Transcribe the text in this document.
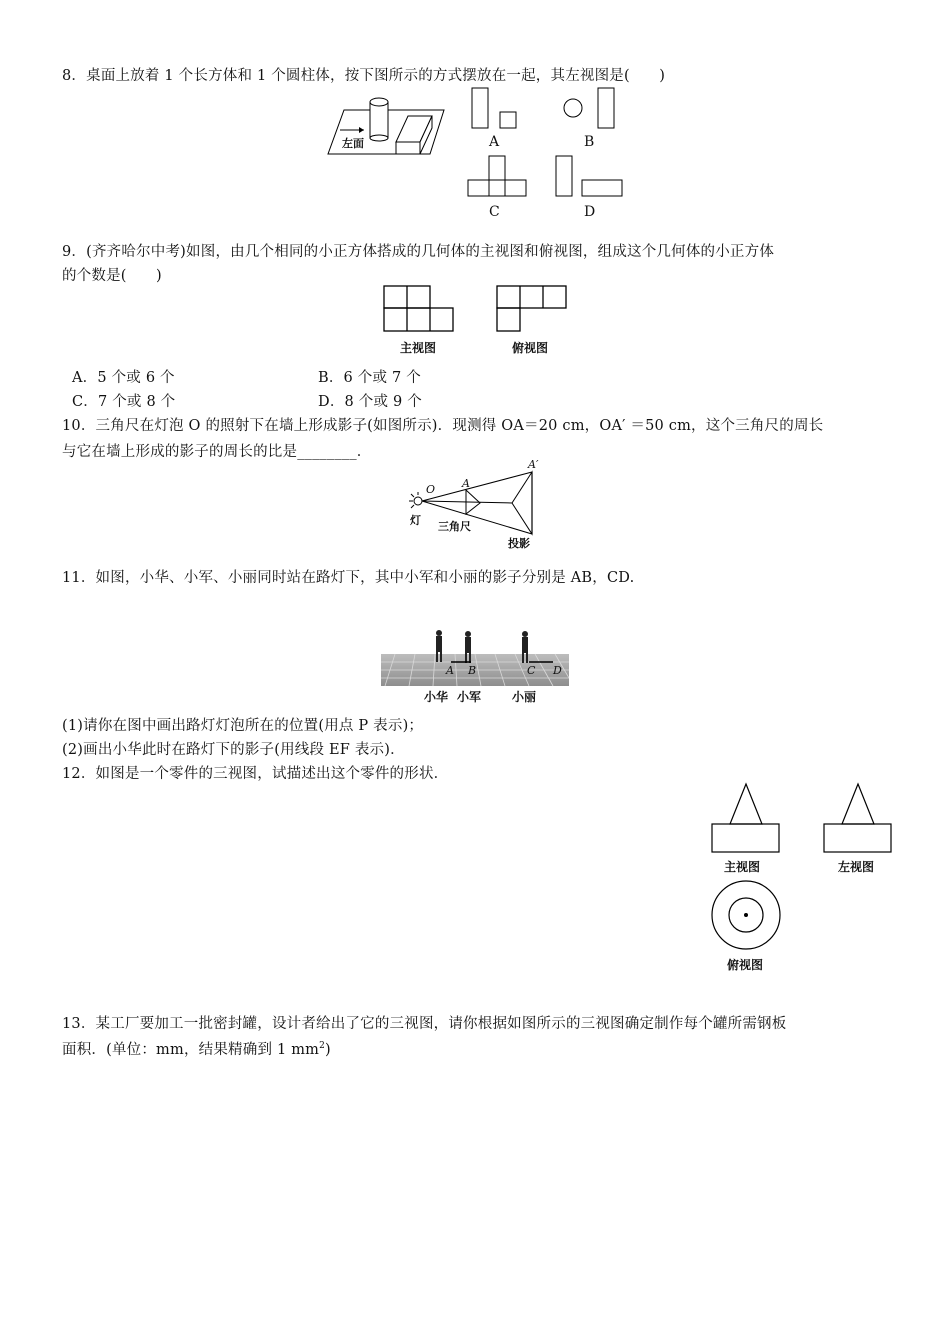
8．桌面上放着 1 个长方体和 1 个圆柱体，按下图所示的方式摆放在一起，其左视图是(　　)
左面	A	B
C	D
9．(齐齐哈尔中考)如图，由几个相同的小正方体搭成的几何体的主视图和俯视图，组成这个几何体的小正方体
的个数是(　　)
主视图	俯视图
A．5 个或 6 个	B．6 个或 7 个
C．7 个或 8 个	D．8 个或 9 个
10．三角尺在灯泡 O 的照射下在墙上形成影子(如图所示)．现测得 OA＝20 cm，OA′ ＝50 cm，这个三角尺的周长
与它在墙上形成的影子的周长的比是________．
O A
A′
灯 三角尺
投影
11．如图，小华、小军、小丽同时站在路灯下，其中小军和小丽的影子分别是 AB，CD.
A B	C D
小华 小军	小丽
(1)请你在图中画出路灯灯泡所在的位置(用点 P 表示)；
(2)画出小华此时在路灯下的影子(用线段 EF 表示)．
12．如图是一个零件的三视图，试描述出这个零件的形状．
主视图	左视图
俯视图
13．某工厂要加工一批密封罐，设计者给出了它的三视图，请你根据如图所示的三视图确定制作每个罐所需钢板
面积．(单位：mm，结果精确到 1 $mm^2$)
